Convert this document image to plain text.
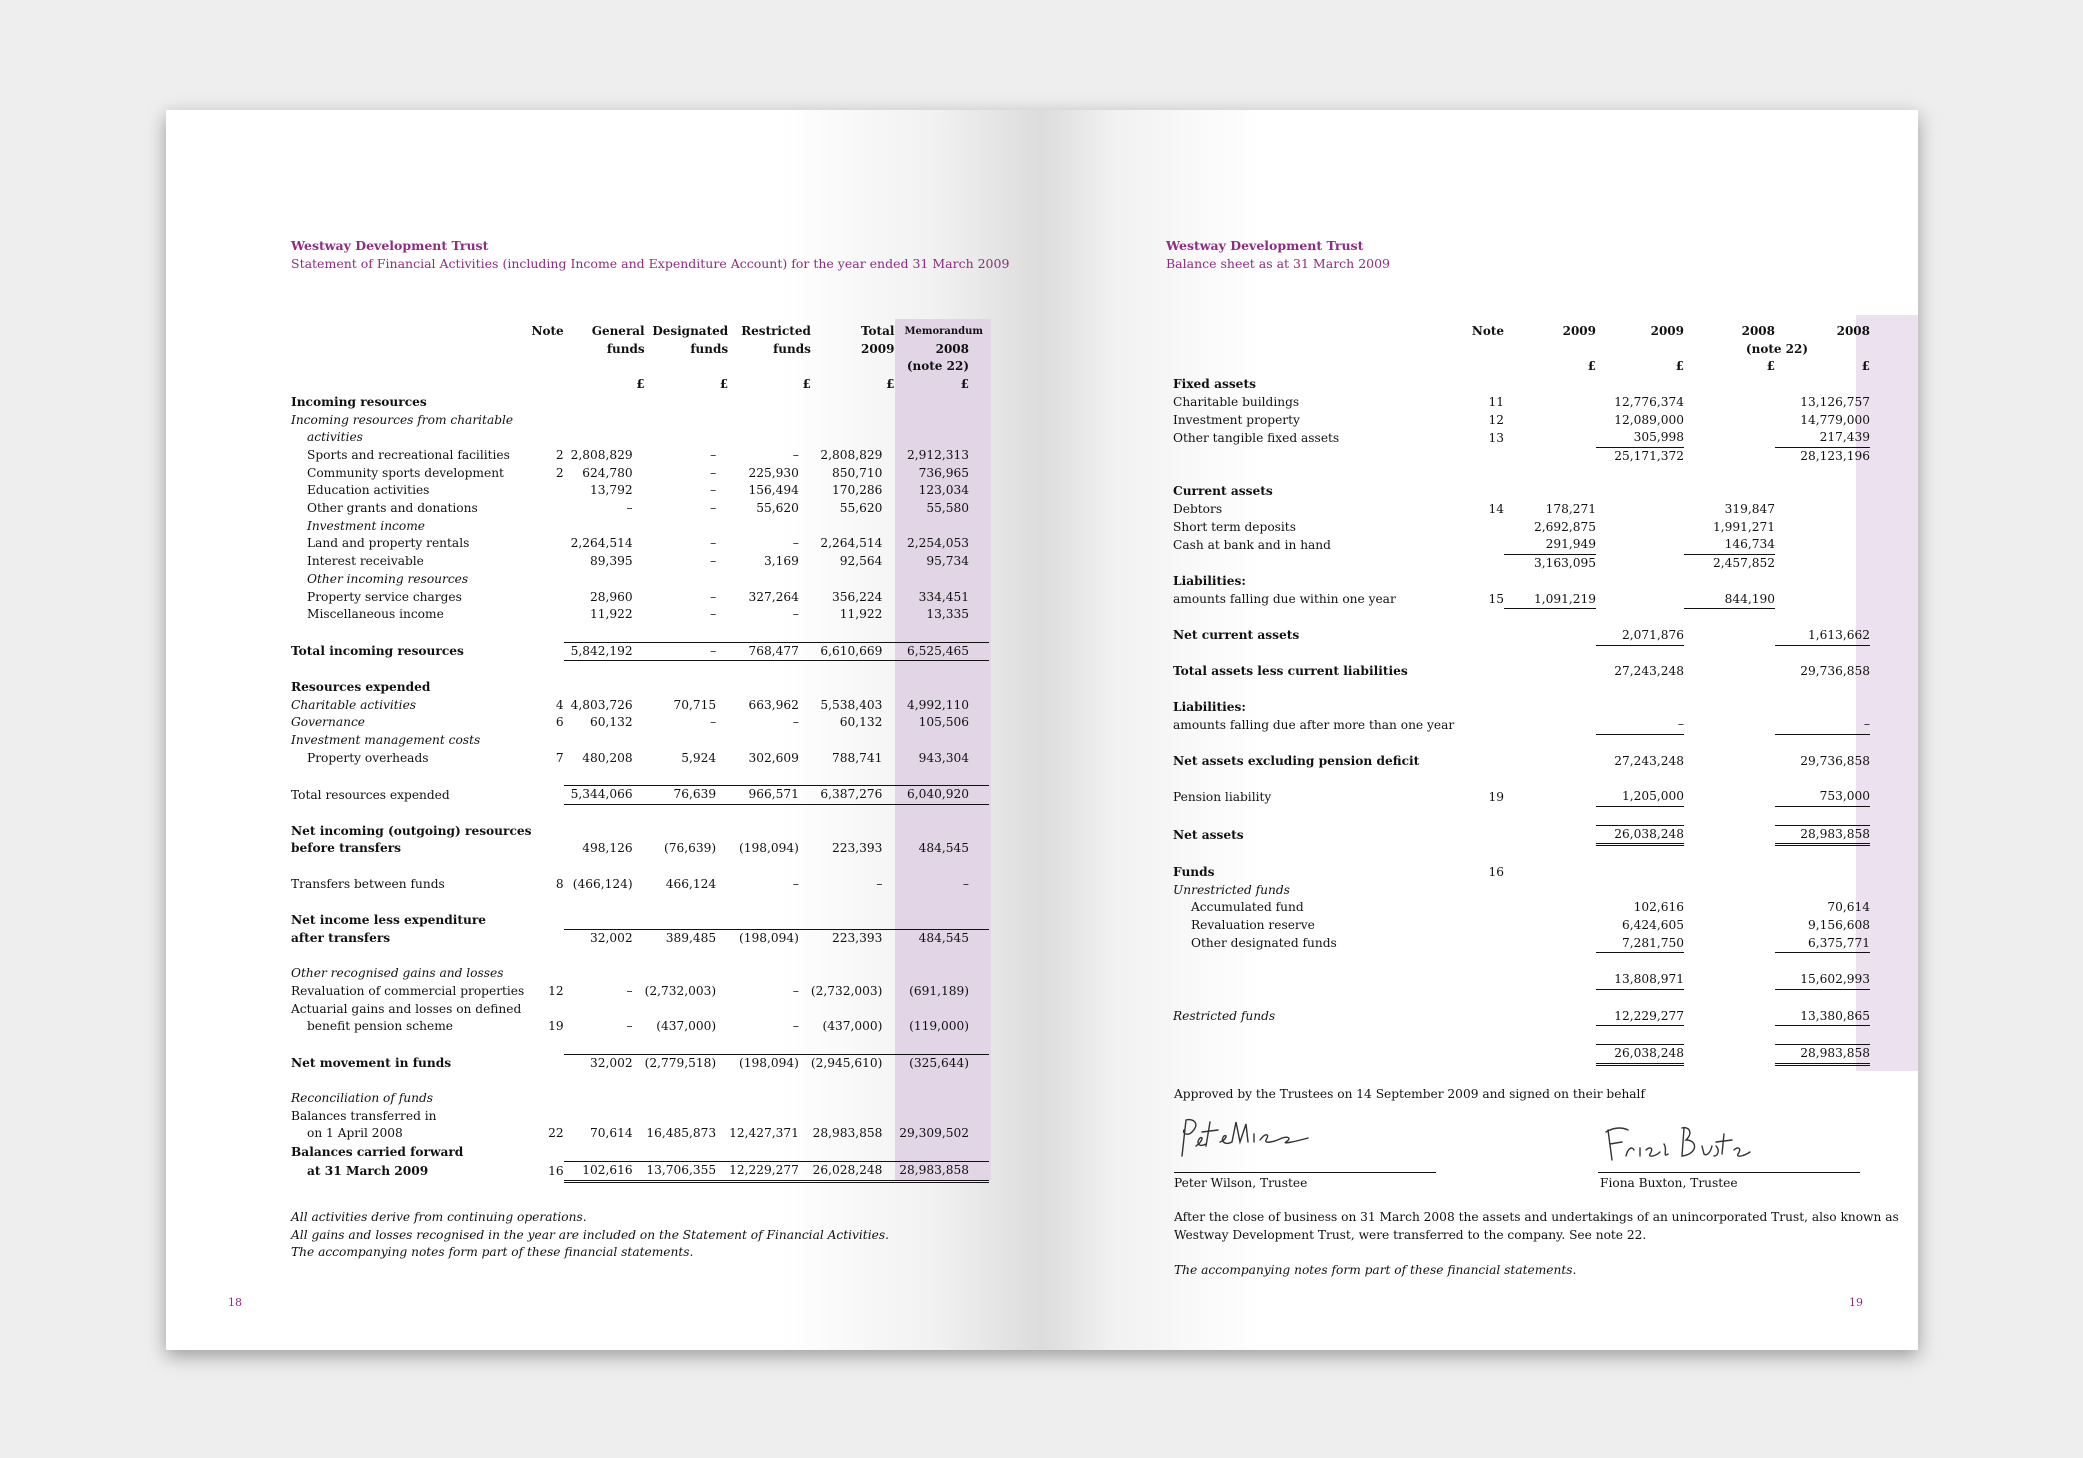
Westway Development Trust
Statement of Financial Activities (including Income and Expenditure Account) for the year ended 31 March 2009
	Note	General	Designated	Restricted	Total	Memorandum
		funds	funds	funds	2009	2008
						(note 22)
		£	£	£	£	£
Incoming resources						
Incoming resources from charitable						
activities						
Sports and recreational facilities	2	2,808,829	–	–	2,808,829	2,912,313
Community sports development	2	624,780	–	225,930	850,710	736,965
Education activities		13,792	–	156,494	170,286	123,034
Other grants and donations		–	–	55,620	55,620	55,580
Investment income						
Land and property rentals		2,264,514	–	–	2,264,514	2,254,053
Interest receivable		89,395	–	3,169	92,564	95,734
Other incoming resources						
Property service charges		28,960	–	327,264	356,224	334,451
Miscellaneous income		11,922	–	–	11,922	13,335

Total incoming resources		5,842,192	–	768,477	6,610,669	6,525,465

Resources expended						
Charitable activities	4	4,803,726	70,715	663,962	5,538,403	4,992,110
Governance	6	60,132	–	–	60,132	105,506
Investment management costs						
Property overheads	7	480,208	5,924	302,609	788,741	943,304

Total resources expended		5,344,066	76,639	966,571	6,387,276	6,040,920

Net incoming (outgoing) resources						
before transfers		498,126	(76,639)	(198,094)	223,393	484,545

Transfers between funds	8	(466,124)	466,124	–	–	–

Net income less expenditure						
after transfers		32,002	389,485	(198,094)	223,393	484,545

Other recognised gains and losses						
Revaluation of commercial properties	12	–	(2,732,003)	–	(2,732,003)	(691,189)
Actuarial gains and losses on defined						
benefit pension scheme	19	–	(437,000)	–	(437,000)	(119,000)

Net movement in funds		32,002	(2,779,518)	(198,094)	(2,945,610)	(325,644)

Reconciliation of funds						
Balances transferred in						
on 1 April 2008	22	70,614	16,485,873	12,427,371	28,983,858	29,309,502
Balances carried forward						
at 31 March 2009	16	102,616	13,706,355	12,229,277	26,028,248	28,983,858
All activities derive from continuing operations.
All gains and losses recognised in the year are included on the Statement of Financial Activities.
The accompanying notes form part of these financial statements.
18
Westway Development Trust
Balance sheet as at 31 March 2009
	Note	2009	2009	2008	2008
				(note 22)	
		£	£	£	£
Fixed assets					
Charitable buildings	11		12,776,374		13,126,757
Investment property	12		12,089,000		14,779,000
Other tangible fixed assets	13		305,998		217,439
			25,171,372		28,123,196

Current assets					
Debtors	14	178,271		319,847	
Short term deposits		2,692,875		1,991,271	
Cash at bank and in hand		291,949		146,734	
		3,163,095		2,457,852	
Liabilities:					
amounts falling due within one year	15	1,091,219		844,190	

Net current assets			2,071,876		1,613,662

Total assets less current liabilities			27,243,248		29,736,858

Liabilities:					
amounts falling due after more than one year			–		–

Net assets excluding pension deficit			27,243,248		29,736,858

Pension liability	19		1,205,000		753,000

Net assets			26,038,248		28,983,858

Funds	16				
Unrestricted funds					
Accumulated fund			102,616		70,614
Revaluation reserve			6,424,605		9,156,608
Other designated funds			7,281,750		6,375,771

			13,808,971		15,602,993

Restricted funds			12,229,277		13,380,865

			26,038,248		28,983,858
Approved by the Trustees on 14 September 2009 and signed on their behalf
Peter Wilson, Trustee	Fiona Buxton, Trustee
After the close of business on 31 March 2008 the assets and undertakings of an unincorporated Trust, also known as
Westway Development Trust, were transferred to the company. See note 22.
The accompanying notes form part of these financial statements.
19
